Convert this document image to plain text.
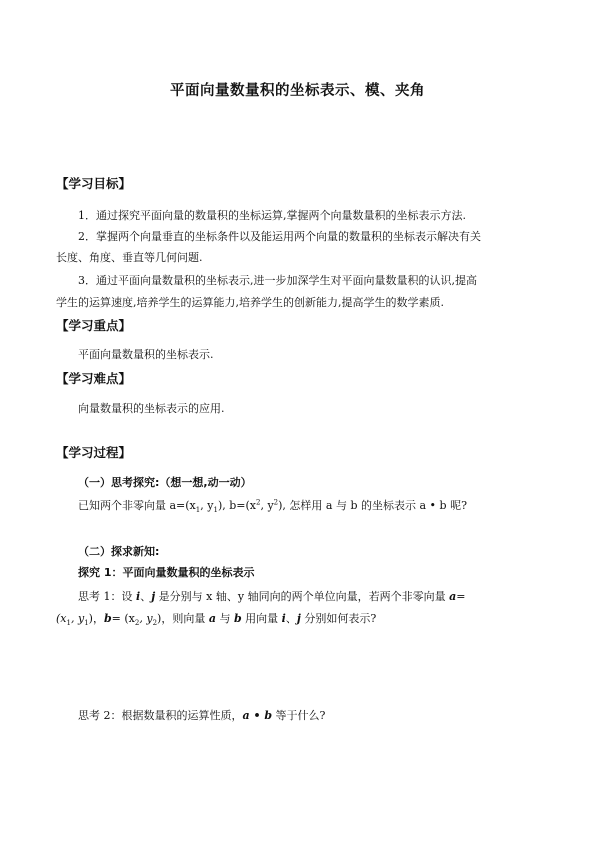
平面向量数量积的坐标表示、模、夹角
【学习目标】
1．通过探究平面向量的数量积的坐标运算,掌握两个向量数量积的坐标表示方法.
2．掌握两个向量垂直的坐标条件以及能运用两个向量的数量积的坐标表示解决有关
长度、角度、垂直等几何问题.
3．通过平面向量数量积的坐标表示,进一步加深学生对平面向量数量积的认识,提高
学生的运算速度,培养学生的运算能力,培养学生的创新能力,提高学生的数学素质.
【学习重点】
平面向量数量积的坐标表示.
【学习难点】
向量数量积的坐标表示的应用.
【学习过程】
（一）思考探究:（想一想,动一动）
已知两个非零向量 $a=(x_1$, $y_1$), $b=(x^2$, $y^2$), 怎样用 a 与 b 的坐标表示 a • b 呢?
（二）探求新知:
探究 1：平面向量数量积的坐标表示
思考 1：设 i、j 是分别与 x 轴、y 轴同向的两个单位向量，若两个非零向量 a=
($x_1$, $y_1$)，$b= (x_2$, $y_2$)，则向量 a 与 b 用向量 i、j 分别如何表示?
思考 2：根据数量积的运算性质，a • b 等于什么?
